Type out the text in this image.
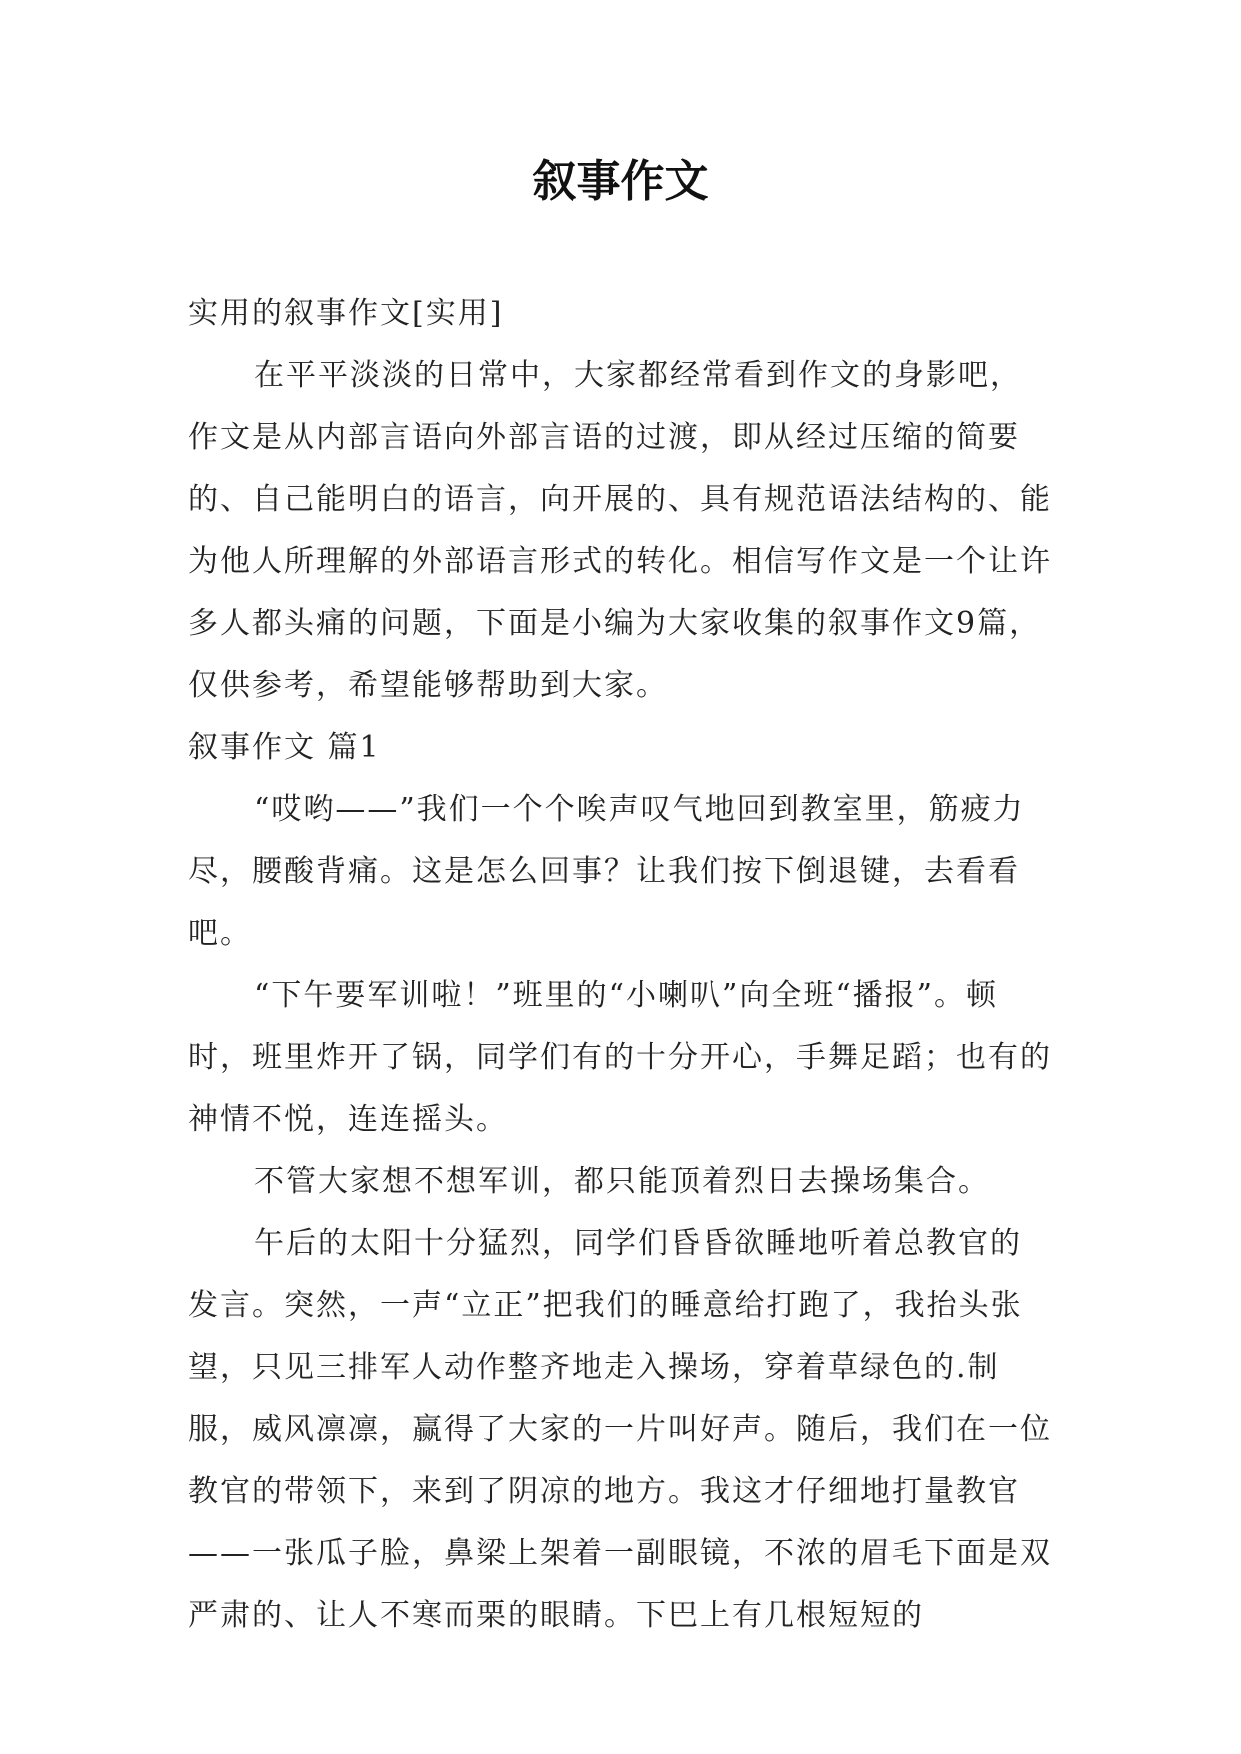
叙事作文

实用的叙事作文[实用]

在平平淡淡的日常中，大家都经常看到作文的身影吧，作文是从内部言语向外部言语的过渡，即从经过压缩的简要的、自己能明白的语言，向开展的、具有规范语法结构的、能为他人所理解的外部语言形式的转化。相信写作文是一个让许多人都头痛的问题，下面是小编为大家收集的叙事作文9篇，仅供参考，希望能够帮助到大家。

叙事作文 篇1

“哎哟——”我们一个个唉声叹气地回到教室里，筋疲力尽，腰酸背痛。这是怎么回事？让我们按下倒退键，去看看吧。

“下午要军训啦！”班里的“小喇叭”向全班“播报”。顿时，班里炸开了锅，同学们有的十分开心，手舞足蹈；也有的神情不悦，连连摇头。

不管大家想不想军训，都只能顶着烈日去操场集合。

午后的太阳十分猛烈，同学们昏昏欲睡地听着总教官的发言。突然，一声“立正”把我们的睡意给打跑了，我抬头张望，只见三排军人动作整齐地走入操场，穿着草绿色的.制服，威风凛凛，赢得了大家的一片叫好声。随后，我们在一位教官的带领下，来到了阴凉的地方。我这才仔细地打量教官——一张瓜子脸，鼻梁上架着一副眼镜，不浓的眉毛下面是双严肃的、让人不寒而栗的眼睛。下巴上有几根短短的
